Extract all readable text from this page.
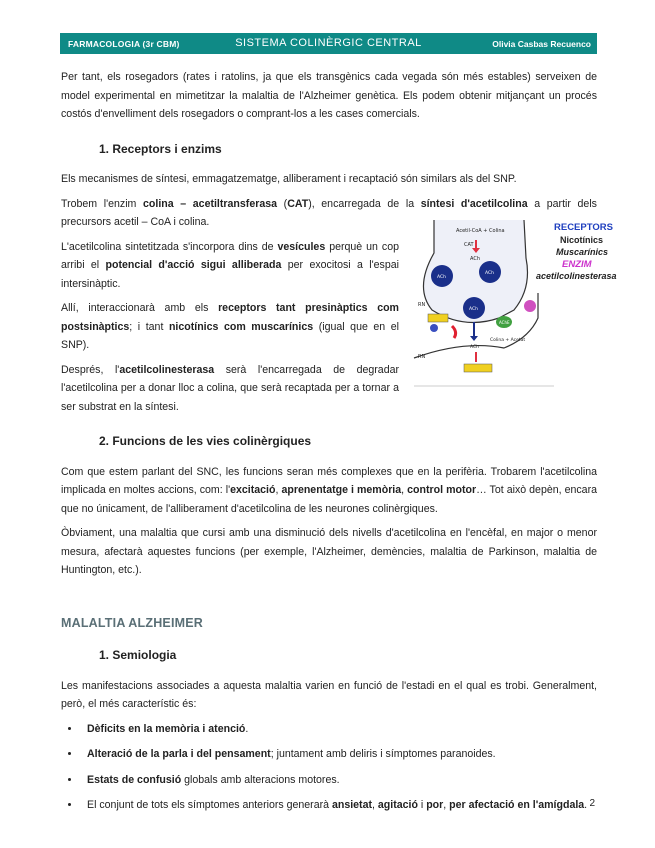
FARMACOLOGIA (3r CBM)	SISTEMA COLINÈRGIC CENTRAL	Olivia Casbas Recuenco

Per tant, els rosegadors (rates i ratolins, ja que els transgènics cada vegada són més estables) serveixen de model experimental en mimetitzar la malaltia de l'Alzheimer genètica. Els podem obtenir mitjançant un procés costós d'envelliment dels rosegadors o comprant-los a les cases comercials.

1. Receptors i enzims

Els mecanismes de síntesi, emmagatzematge, alliberament i recaptació són similars als del SNP.

Trobem l'enzim colina – acetiltransferasa (CAT), encarregada de la síntesi d'acetilcolina a partir dels precursors acetil – CoA i colina.

L'acetilcolina sintetitzada s'incorpora dins de vesícules perquè un cop arribi el potencial d'acció sigui alliberada per exocitosi a l'espai intersinàptic.

Allí, interaccionarà amb els receptors tant presinàptics com postsinàptics; i tant nicotínics com muscarínics (igual que en el SNP).

Després, l'acetilcolinesterasa serà l'encarregada de degradar l'acetilcolina per a donar lloc a colina, que serà recaptada per a tornar a ser substrat en la síntesi.

2. Funcions de les vies colinèrgiques

Com que estem parlant del SNC, les funcions seran més complexes que en la perifèria. Trobarem l'acetilcolina implicada en moltes accions, com: l'excitació, aprenentatge i memòria, control motor… Tot això depèn, encara que no únicament, de l'alliberament d'acetilcolina de les neurones colinèrgiques.

Òbviament, una malaltia que cursi amb una disminució dels nivells d'acetilcolina en l'encèfal, en major o menor mesura, afectarà aquestes funcions (per exemple, l'Alzheimer, demències, malaltia de Parkinson, malaltia de Huntington, etc.).

MALALTIA ALZHEIMER
1. Semiologia

Les manifestacions associades a aquesta malaltia varien en funció de l'estadi en el qual es trobi. Generalment, però, el més característic és:

• Dèficits en la memòria i atenció.
• Alteració de la parla i del pensament; juntament amb deliris i símptomes paranoides.
• Estats de confusió globals amb alteracions motores.
• El conjunt de tots els símptomes anteriors generarà ansietat, agitació i por, per afectació en l'amígdala.
Acetil-CoA + Colina
CAT
ACh
ACh
ACh
ACh
RN
ACh
AChE
Colina + Acetat
RN
RECEPTORS
Nicotínics
Muscarínics
ENZIM
acetilcolinesterasa
2
